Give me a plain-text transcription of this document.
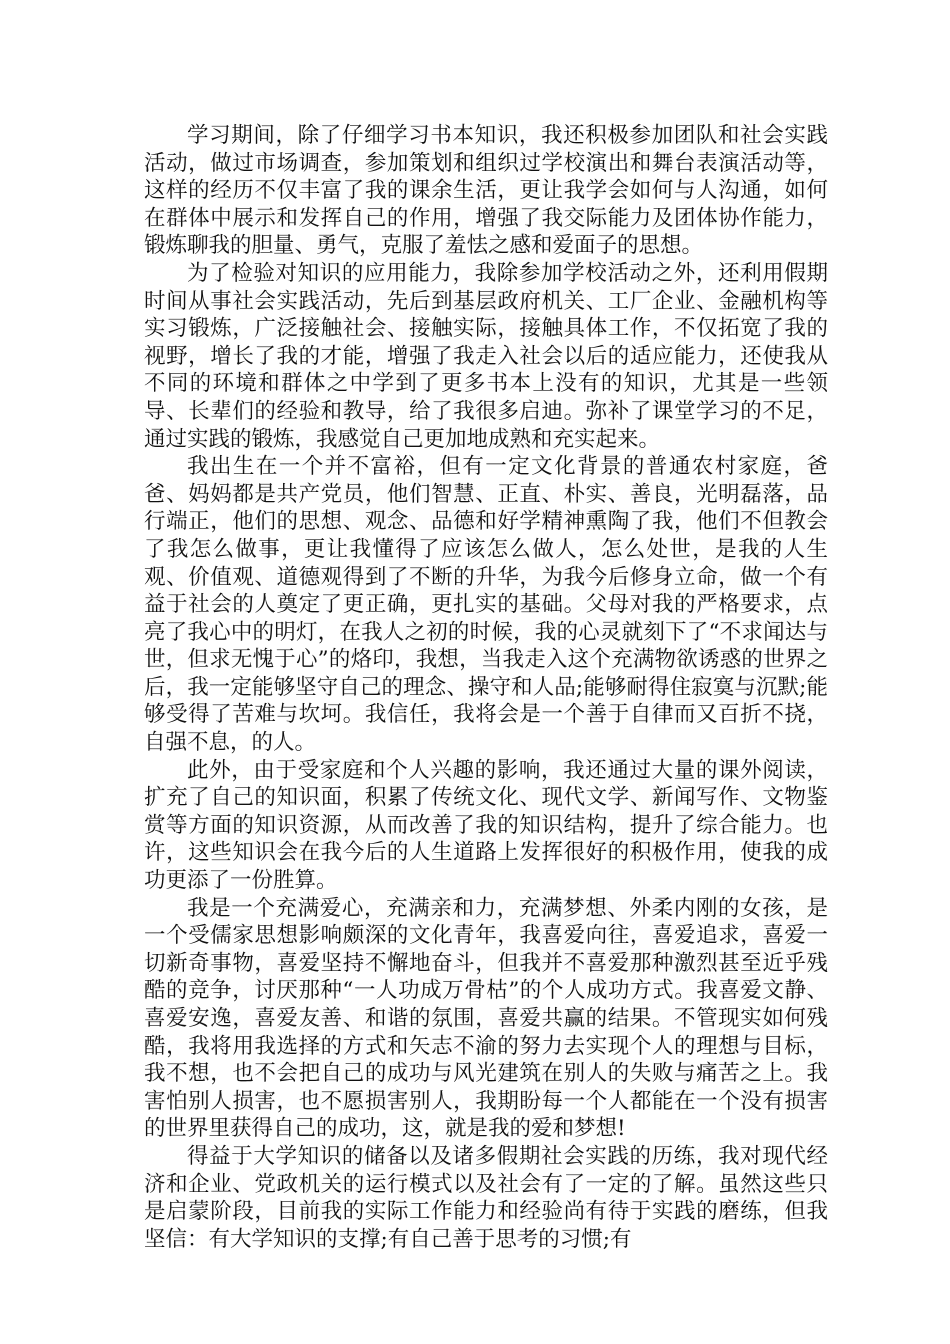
学习期间，除了仔细学习书本知识，我还积极参加团队和社会实践活动，做过市场调查，参加策划和组织过学校演出和舞台表演活动等，这样的经历不仅丰富了我的课余生活，更让我学会如何与人沟通，如何在群体中展示和发挥自己的作用，增强了我交际能力及团体协作能力，锻炼聊我的胆量、勇气，克服了羞怯之感和爱面子的思想。

为了检验对知识的应用能力，我除参加学校活动之外，还利用假期时间从事社会实践活动，先后到基层政府机关、工厂企业、金融机构等实习锻炼，广泛接触社会、接触实际，接触具体工作，不仅拓宽了我的视野，增长了我的才能，增强了我走入社会以后的适应能力，还使我从不同的环境和群体之中学到了更多书本上没有的知识，尤其是一些领导、长辈们的经验和教导，给了我很多启迪。弥补了课堂学习的不足，通过实践的锻炼，我感觉自己更加地成熟和充实起来。

我出生在一个并不富裕，但有一定文化背景的普通农村家庭，爸爸、妈妈都是共产党员，他们智慧、正直、朴实、善良，光明磊落，品行端正，他们的思想、观念、品德和好学精神熏陶了我，他们不但教会了我怎么做事，更让我懂得了应该怎么做人，怎么处世，是我的人生观、价值观、道德观得到了不断的升华，为我今后修身立命，做一个有益于社会的人奠定了更正确，更扎实的基础。父母对我的严格要求，点亮了我心中的明灯，在我人之初的时候，我的心灵就刻下了“不求闻达与世，但求无愧于心”的烙印，我想，当我走入这个充满物欲诱惑的世界之后，我一定能够坚守自己的理念、操守和人品;能够耐得住寂寞与沉默;能够受得了苦难与坎坷。我信任，我将会是一个善于自律而又百折不挠，自强不息，的人。

此外，由于受家庭和个人兴趣的影响，我还通过大量的课外阅读，扩充了自己的知识面，积累了传统文化、现代文学、新闻写作、文物鉴赏等方面的知识资源，从而改善了我的知识结构，提升了综合能力。也许，这些知识会在我今后的人生道路上发挥很好的积极作用，使我的成功更添了一份胜算。

我是一个充满爱心，充满亲和力，充满梦想、外柔内刚的女孩，是一个受儒家思想影响颇深的文化青年，我喜爱向往，喜爱追求，喜爱一切新奇事物，喜爱坚持不懈地奋斗，但我并不喜爱那种激烈甚至近乎残酷的竞争，讨厌那种“一人功成万骨枯”的个人成功方式。我喜爱文静、喜爱安逸，喜爱友善、和谐的氛围，喜爱共赢的结果。不管现实如何残酷，我将用我选择的方式和矢志不渝的努力去实现个人的理想与目标，我不想，也不会把自己的成功与风光建筑在别人的失败与痛苦之上。我害怕别人损害，也不愿损害别人，我期盼每一个人都能在一个没有损害的世界里获得自己的成功，这，就是我的爱和梦想!

得益于大学知识的储备以及诸多假期社会实践的历练，我对现代经济和企业、党政机关的运行模式以及社会有了一定的了解。虽然这些只是启蒙阶段，目前我的实际工作能力和经验尚有待于实践的磨练，但我坚信：有大学知识的支撑;有自己善于思考的习惯;有
